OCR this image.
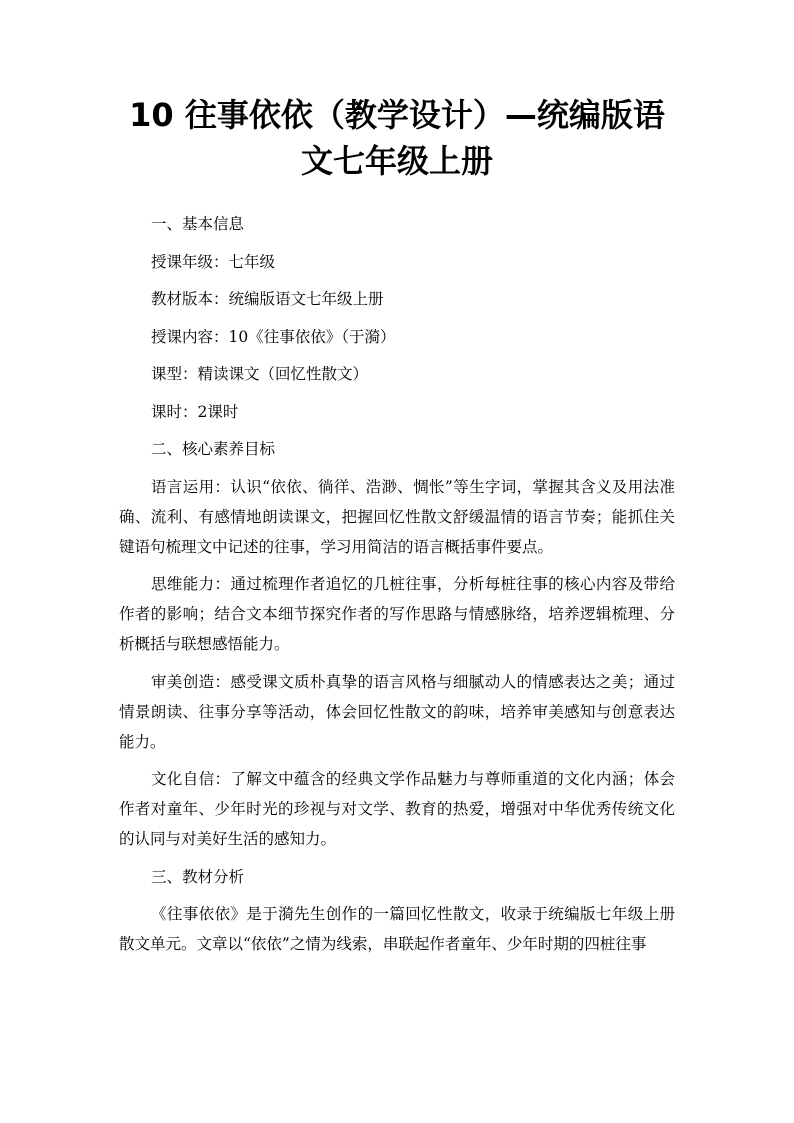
10 往事依依（教学设计）—统编版语
文七年级上册

一、基本信息

授课年级：七年级

教材版本：统编版语文七年级上册

授课内容：10《往事依依》（于漪）

课型：精读课文（回忆性散文）

课时：2课时

二、核心素养目标

语言运用：认识“依依、徜徉、浩渺、惆怅”等生字词，掌握其含义及用法准确、流利、有感情地朗读课文，把握回忆性散文舒缓温情的语言节奏；能抓住关键语句梳理文中记述的往事，学习用简洁的语言概括事件要点。

思维能力：通过梳理作者追忆的几桩往事，分析每桩往事的核心内容及带给作者的影响；结合文本细节探究作者的写作思路与情感脉络，培养逻辑梳理、分析概括与联想感悟能力。

审美创造：感受课文质朴真挚的语言风格与细腻动人的情感表达之美；通过情景朗读、往事分享等活动，体会回忆性散文的韵味，培养审美感知与创意表达能力。

文化自信：了解文中蕴含的经典文学作品魅力与尊师重道的文化内涵；体会作者对童年、少年时光的珍视与对文学、教育的热爱，增强对中华优秀传统文化的认同与对美好生活的感知力。

三、教材分析

《往事依依》是于漪先生创作的一篇回忆性散文，收录于统编版七年级上册散文单元。文章以“依依”之情为线索，串联起作者童年、少年时期的四桩往事
